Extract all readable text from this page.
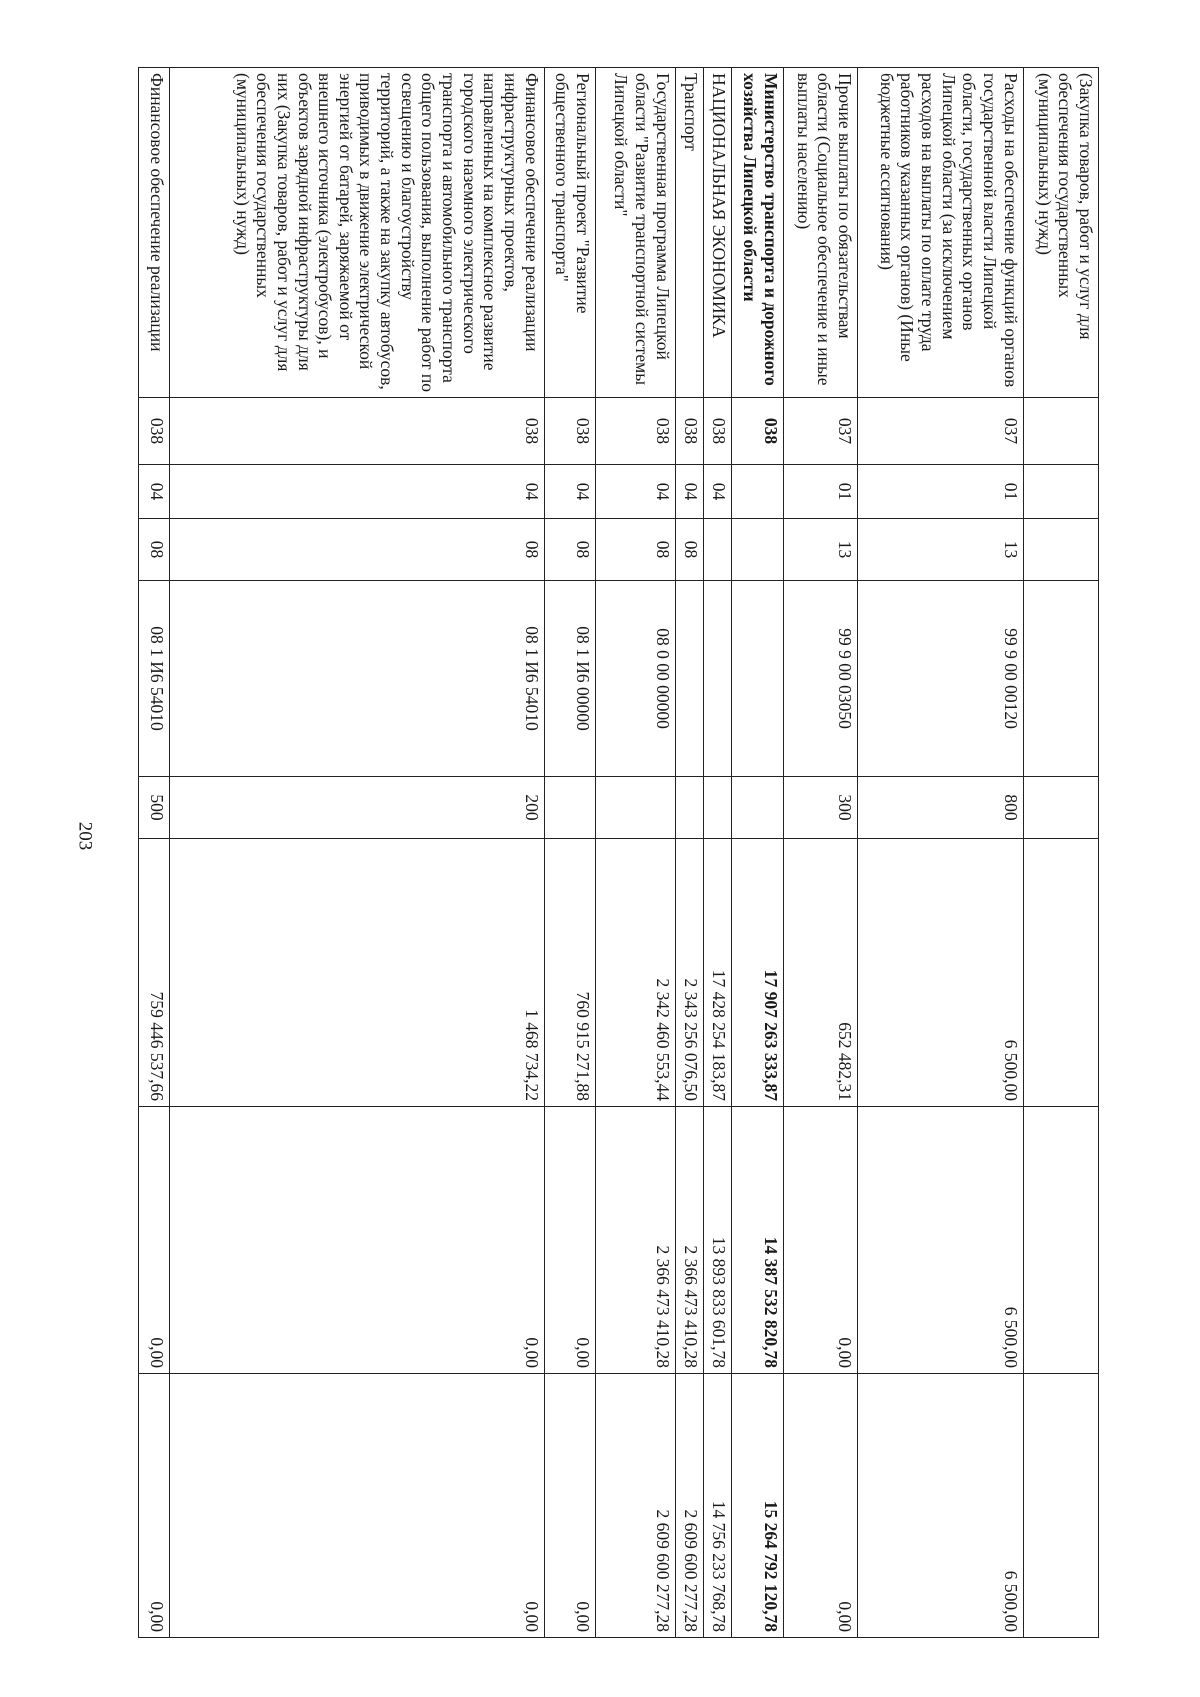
203
(Закупка товаров, работ и услуг для обеспечения государственных (муниципальных) нужд)								
Расходы на обеспечение функций органов государственной власти Липецкой области, государственных органов Липецкой области (за исключением расходов на выплаты по оплате труда работников указанных органов) (Иные бюджетные ассигнования)	037	01	13	99 9 00 00120	800	6 500,00	6 500,00	6 500,00
Прочие выплаты по обязательствам области (Социальное обеспечение и иные выплаты населению)	037	01	13	99 9 00 03050	300	652 482,31	0,00	0,00
Министерство транспорта и дорожного хозяйства Липецкой области	038					17 907 263 333,87	14 387 532 820,78	15 264 792 120,78
НАЦИОНАЛЬНАЯ ЭКОНОМИКА	038	04				17 428 254 183,87	13 893 833 601,78	14 756 233 768,78
Транспорт	038	04	08			2 343 256 076,50	2 366 473 410,28	2 609 600 277,28
Государственная программа Липецкой области "Развитие транспортной системы Липецкой области"	038	04	08	08 0 00 00000		2 342 460 553,44	2 366 473 410,28	2 609 600 277,28
Региональный проект "Развитие общественного транспорта"	038	04	08	08 1 И6 00000		760 915 271,88	0,00	0,00
Финансовое обеспечение реализации инфраструктурных проектов, направленных на комплексное развитие городского наземного электрического транспорта и автомобильного транспорта общего пользования, выполнение работ по освещению и благоустройству территорий, а также на закупку автобусов, приводимых в движение электрической энергией от батарей, заряжаемой от внешнего источника (электробусов), и объектов зарядной инфраструктуры для них (Закупка товаров, работ и услуг для обеспечения государственных (муниципальных) нужд)	038	04	08	08 1 И6 54010	200	1 468 734,22	0,00	0,00
Финансовое обеспечение реализации	038	04	08	08 1 И6 54010	500	759 446 537,66	0,00	0,00
